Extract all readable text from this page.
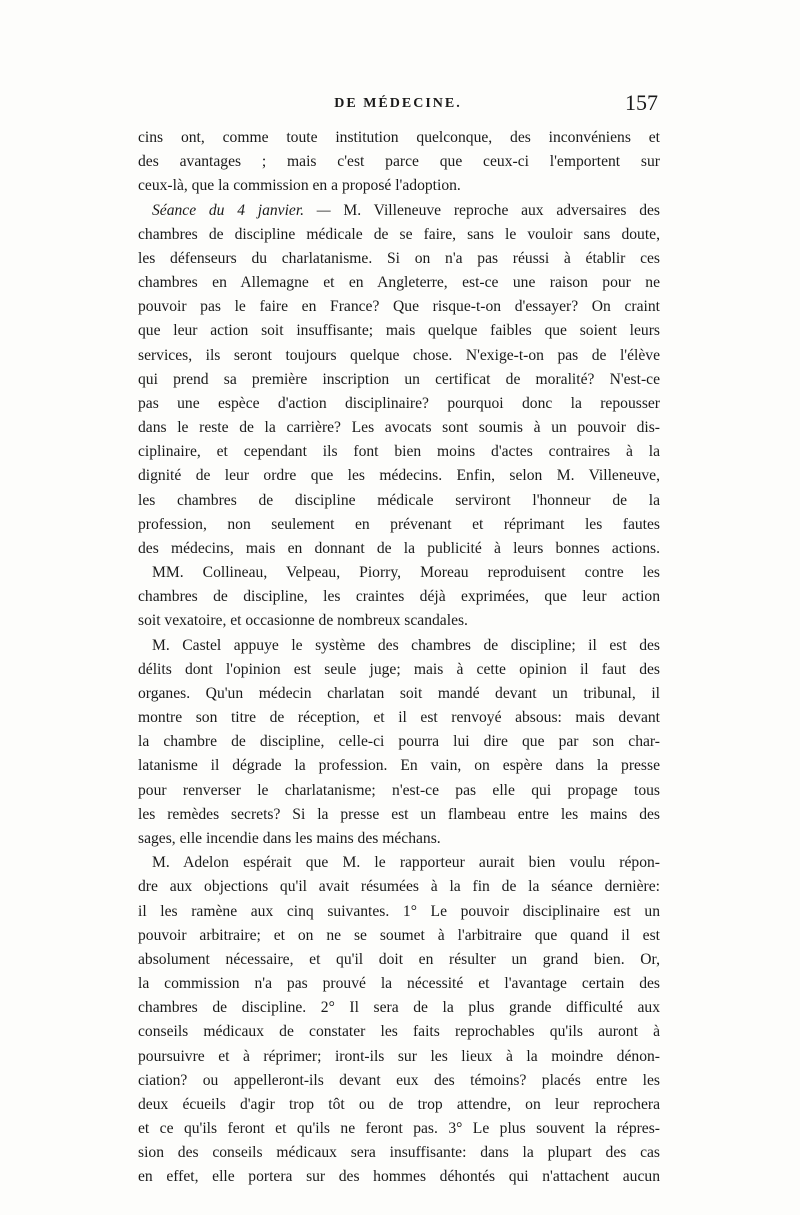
DE MÉDECINE.	157
cins ont, comme toute institution quelconque, des inconvéniens et
des avantages ; mais c'est parce que ceux-ci l'emportent sur
ceux-là, que la commission en a proposé l'adoption.
Séance du 4 janvier. — M. Villeneuve reproche aux adversaires des
chambres de discipline médicale de se faire, sans le vouloir sans doute,
les défenseurs du charlatanisme. Si on n'a pas réussi à établir ces
chambres en Allemagne et en Angleterre, est-ce une raison pour ne
pouvoir pas le faire en France? Que risque-t-on d'essayer? On craint
que leur action soit insuffisante; mais quelque faibles que soient leurs
services, ils seront toujours quelque chose. N'exige-t-on pas de l'élève
qui prend sa première inscription un certificat de moralité? N'est-ce
pas une espèce d'action disciplinaire? pourquoi donc la repousser
dans le reste de la carrière? Les avocats sont soumis à un pouvoir dis-
ciplinaire, et cependant ils font bien moins d'actes contraires à la
dignité de leur ordre que les médecins. Enfin, selon M. Villeneuve,
les chambres de discipline médicale serviront l'honneur de la
profession, non seulement en prévenant et réprimant les fautes
des médecins, mais en donnant de la publicité à leurs bonnes actions.
MM. Collineau, Velpeau, Piorry, Moreau reproduisent contre les
chambres de discipline, les craintes déjà exprimées, que leur action
soit vexatoire, et occasionne de nombreux scandales.
M. Castel appuye le système des chambres de discipline; il est des
délits dont l'opinion est seule juge; mais à cette opinion il faut des
organes. Qu'un médecin charlatan soit mandé devant un tribunal, il
montre son titre de réception, et il est renvoyé absous: mais devant
la chambre de discipline, celle-ci pourra lui dire que par son char-
latanisme il dégrade la profession. En vain, on espère dans la presse
pour renverser le charlatanisme; n'est-ce pas elle qui propage tous
les remèdes secrets? Si la presse est un flambeau entre les mains des
sages, elle incendie dans les mains des méchans.
M. Adelon espérait que M. le rapporteur aurait bien voulu répon-
dre aux objections qu'il avait résumées à la fin de la séance dernière:
il les ramène aux cinq suivantes. 1° Le pouvoir disciplinaire est un
pouvoir arbitraire; et on ne se soumet à l'arbitraire que quand il est
absolument nécessaire, et qu'il doit en résulter un grand bien. Or,
la commission n'a pas prouvé la nécessité et l'avantage certain des
chambres de discipline. 2° Il sera de la plus grande difficulté aux
conseils médicaux de constater les faits reprochables qu'ils auront à
poursuivre et à réprimer; iront-ils sur les lieux à la moindre dénon-
ciation? ou appelleront-ils devant eux des témoins? placés entre les
deux écueils d'agir trop tôt ou de trop attendre, on leur reprochera
et ce qu'ils feront et qu'ils ne feront pas. 3° Le plus souvent la répres-
sion des conseils médicaux sera insuffisante: dans la plupart des cas
en effet, elle portera sur des hommes déhontés qui n'attachent aucun
